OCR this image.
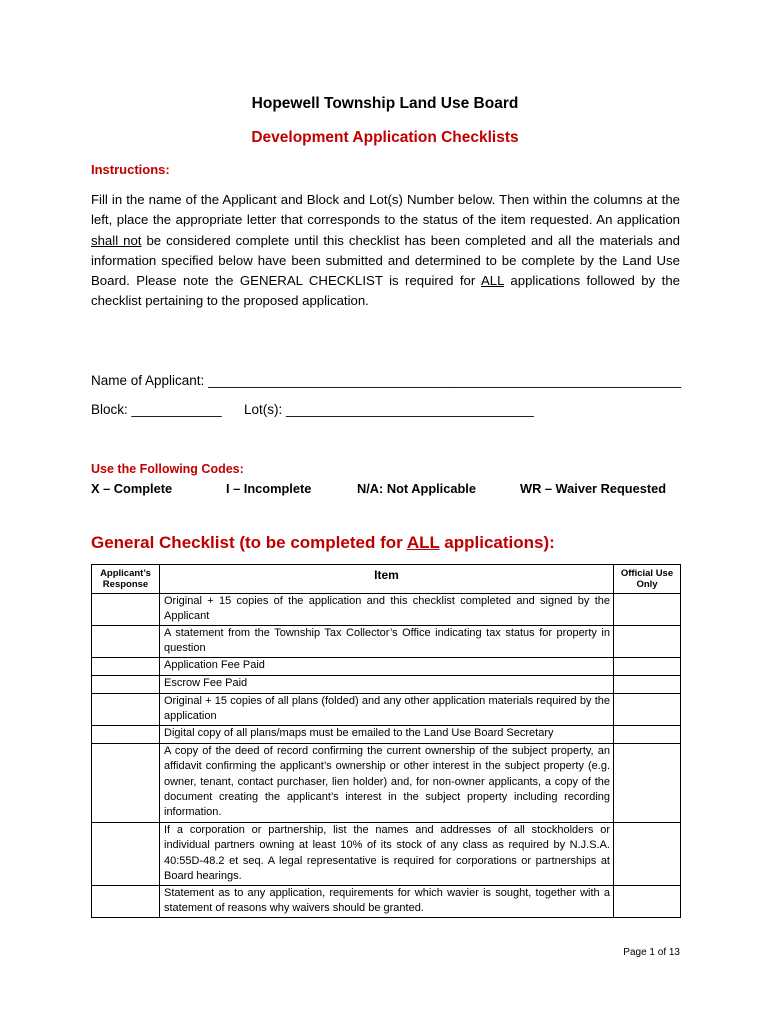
Hopewell Township Land Use Board
Development Application Checklists
Instructions:
Fill in the name of the Applicant and Block and Lot(s) Number below. Then within the columns at the left, place the appropriate letter that corresponds to the status of the item requested. An application shall not be considered complete until this checklist has been completed and all the materials and information specified below have been submitted and determined to be complete by the Land Use Board. Please note the GENERAL CHECKLIST is required for ALL applications followed by the checklist pertaining to the proposed application.
Name of Applicant: _______________________________________________________________
Block: ____________ Lot(s): _________________________________
Use the Following Codes:
X – Complete	I – Incomplete	N/A: Not Applicable	WR – Waiver Requested
General Checklist (to be completed for ALL applications):
Applicant’s Response	Item	Official Use Only
	Original + 15 copies of the application and this checklist completed and signed by the Applicant	
	A statement from the Township Tax Collector’s Office indicating tax status for property in question	
	Application Fee Paid	
	Escrow Fee Paid	
	Original + 15 copies of all plans (folded) and any other application materials required by the application	
	Digital copy of all plans/maps must be emailed to the Land Use Board Secretary	
	A copy of the deed of record confirming the current ownership of the subject property, an affidavit confirming the applicant’s ownership or other interest in the subject property (e.g. owner, tenant, contact purchaser, lien holder) and, for non-owner applicants, a copy of the document creating the applicant’s interest in the subject property including recording information.	
	If a corporation or partnership, list the names and addresses of all stockholders or individual partners owning at least 10% of its stock of any class as required by N.J.S.A. 40:55D-48.2 et seq. A legal representative is required for corporations or partnerships at Board hearings.	
	Statement as to any application, requirements for which wavier is sought, together with a statement of reasons why waivers should be granted.	
Page 1 of 13
